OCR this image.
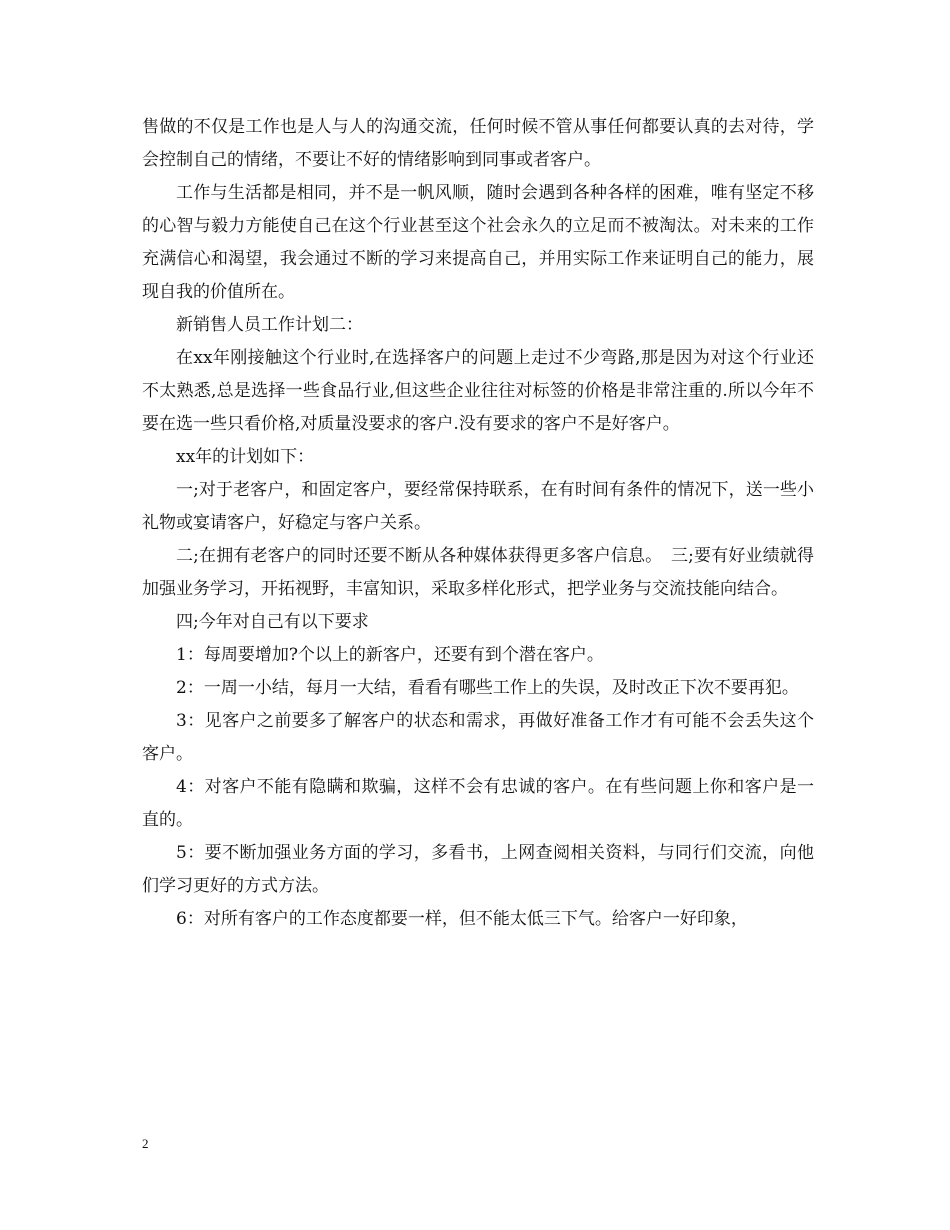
售做的不仅是工作也是人与人的沟通交流，任何时候不管从事任何都要认真的去对待，学会控制自己的情绪，不要让不好的情绪影响到同事或者客户。

工作与生活都是相同，并不是一帆风顺，随时会遇到各种各样的困难，唯有坚定不移的心智与毅力方能使自己在这个行业甚至这个社会永久的立足而不被淘汰。对未来的工作充满信心和渴望，我会通过不断的学习来提高自己，并用实际工作来证明自己的能力，展现自我的价值所在。

新销售人员工作计划二：

在xx年刚接触这个行业时,在选择客户的问题上走过不少弯路,那是因为对这个行业还不太熟悉,总是选择一些食品行业,但这些企业往往对标签的价格是非常注重的.所以今年不要在选一些只看价格,对质量没要求的客户.没有要求的客户不是好客户。

xx年的计划如下：

一;对于老客户，和固定客户，要经常保持联系，在有时间有条件的情况下，送一些小礼物或宴请客户，好稳定与客户关系。

二;在拥有老客户的同时还要不断从各种媒体获得更多客户信息。　三;要有好业绩就得加强业务学习，开拓视野，丰富知识，采取多样化形式，把学业务与交流技能向结合。

四;今年对自己有以下要求

1：每周要增加?个以上的新客户，还要有到个潜在客户。

2：一周一小结，每月一大结，看看有哪些工作上的失误，及时改正下次不要再犯。

3：见客户之前要多了解客户的状态和需求，再做好准备工作才有可能不会丢失这个客户。

4：对客户不能有隐瞒和欺骗，这样不会有忠诚的客户。在有些问题上你和客户是一直的。

5：要不断加强业务方面的学习，多看书，上网查阅相关资料，与同行们交流，向他们学习更好的方式方法。

6：对所有客户的工作态度都要一样，但不能太低三下气。给客户一好印象，

2
